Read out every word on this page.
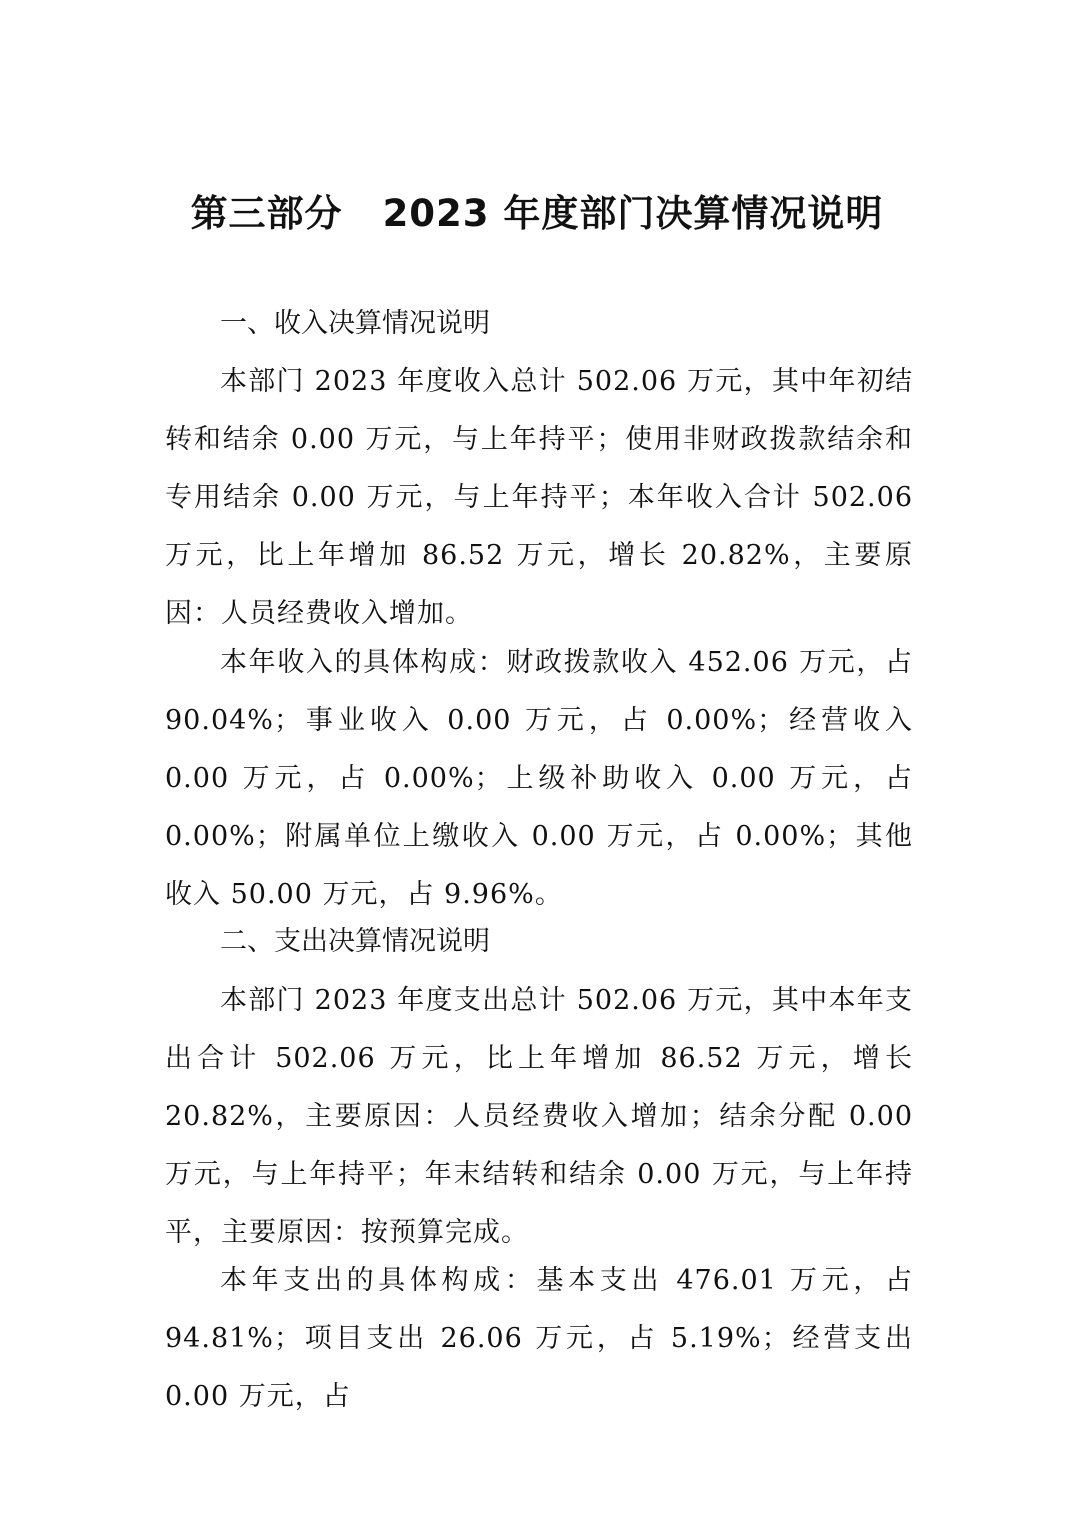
第三部分 2023 年度部门决算情况说明
一、收入决算情况说明
本部门 2023 年度收入总计 502.06 万元，其中年初结转和结余 0.00 万元，与上年持平；使用非财政拨款结余和专用结余 0.00 万元，与上年持平；本年收入合计 502.06 万元，比上年增加 86.52 万元，增长 20.82%，主要原因：人员经费收入增加。
本年收入的具体构成：财政拨款收入 452.06 万元，占 90.04%；事业收入 0.00 万元，占 0.00%；经营收入 0.00 万元，占 0.00%；上级补助收入 0.00 万元，占 0.00%；附属单位上缴收入 0.00 万元，占 0.00%；其他收入 50.00 万元，占 9.96%。
二、支出决算情况说明
本部门 2023 年度支出总计 502.06 万元，其中本年支出合计 502.06 万元，比上年增加 86.52 万元，增长 20.82%，主要原因：人员经费收入增加；结余分配 0.00 万元，与上年持平；年末结转和结余 0.00 万元，与上年持平，主要原因：按预算完成。
本年支出的具体构成：基本支出 476.01 万元，占 94.81%；项目支出 26.06 万元，占 5.19%；经营支出 0.00 万元，占
